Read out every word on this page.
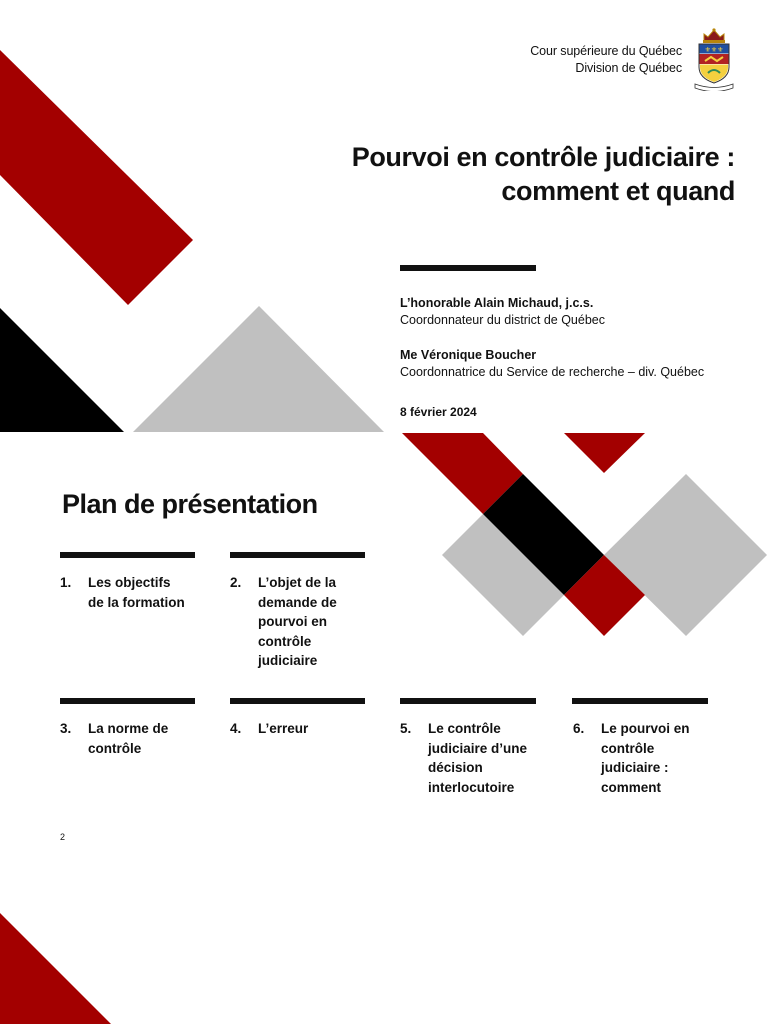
Cour supérieure du Québec
Division de Québec
⚜⚜⚜
Pourvoi en contrôle judiciaire :
comment et quand
L’honorable Alain Michaud, j.c.s.
Coordonnateur du district de Québec
Me Véronique Boucher
Coordonnatrice du Service de recherche – div. Québec
8 février 2024
Plan de présentation
1. Les objectifs de la formation
2. L’objet de la demande de pourvoi en contrôle judiciaire
3. La norme de contrôle
4. L’erreur	5. Le contrôle judiciaire d’une décision interlocutoire
6. Le pourvoi en contrôle judiciaire : comment
2
